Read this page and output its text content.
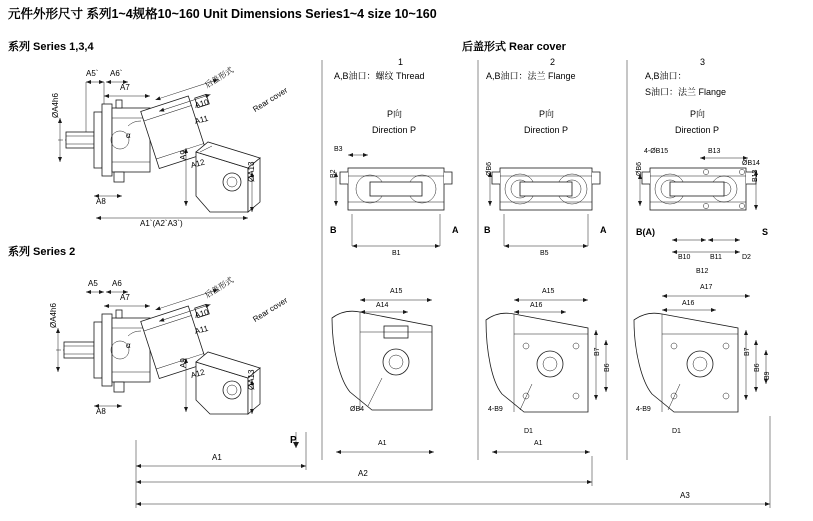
元件外形尺寸 系列1~4规格10~160 Unit Dimensions Series1~4 size 10~160
系列 Series 1,3,4
系列 Series 2
后盖形式 Rear cover
1
A,B油口：螺纹 Thread
P向
Direction P
2
A,B油口：法兰 Flange
P向
Direction P
3
A,B油口：
S油口：法兰 Flange
P向
Direction P
A5` A6`
A7
ØA4h6
A8
A9
A10
A11
A12	ØA13
A1`(A2`A3`)
α
后盖形式
Rear cover
A5 A6
A7
ØA4h6
A8
A9
A10
A11
A12	ØA13
P
α
后盖形式
Rear cover
B3
B2
B1
B	A
A15
A14
ØB4
A1
ØB6
B5
B	A
A15
A16
B7
B6
4-B9
D1
A1
4-ØB15	B13
ØB14
ØB6	B13
S
B(A)
B10	B11	D2
B12
A17
A16
B7
B6
B9
4-B9
D1
A1
A2
A3
